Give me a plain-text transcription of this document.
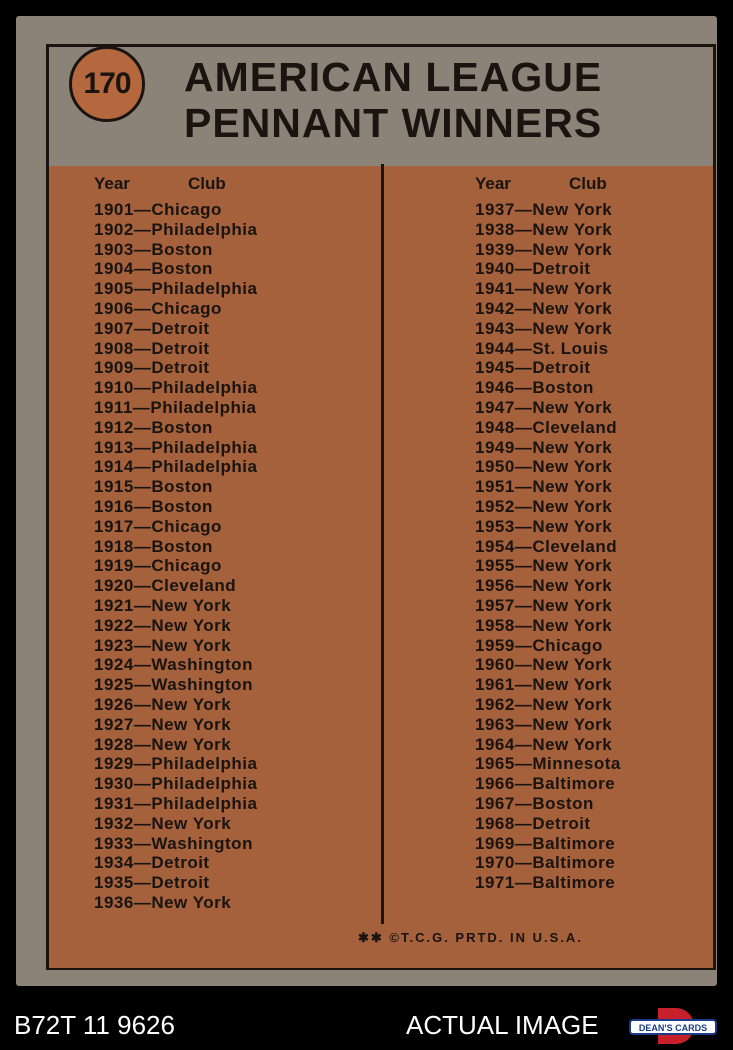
170 AMERICAN LEAGUE
PENNANT WINNERS
Year	Club
1901—Chicago
1902—Philadelphia
1903—Boston
1904—Boston
1905—Philadelphia
1906—Chicago
1907—Detroit
1908—Detroit
1909—Detroit
1910—Philadelphia
1911—Philadelphia
1912—Boston
1913—Philadelphia
1914—Philadelphia
1915—Boston
1916—Boston
1917—Chicago
1918—Boston
1919—Chicago
1920—Cleveland
1921—New York
1922—New York
1923—New York
1924—Washington
1925—Washington
1926—New York
1927—New York
1928—New York
1929—Philadelphia
1930—Philadelphia
1931—Philadelphia
1932—New York
1933—Washington
1934—Detroit
1935—Detroit
1936—New York
Year	Club
1937—New York
1938—New York
1939—New York
1940—Detroit
1941—New York
1942—New York
1943—New York
1944—St. Louis
1945—Detroit
1946—Boston
1947—New York
1948—Cleveland
1949—New York
1950—New York
1951—New York
1952—New York
1953—New York
1954—Cleveland
1955—New York
1956—New York
1957—New York
1958—New York
1959—Chicago
1960—New York
1961—New York
1962—New York
1963—New York
1964—New York
1965—Minnesota
1966—Baltimore
1967—Boston
1968—Detroit
1969—Baltimore
1970—Baltimore
1971—Baltimore
✱✱ ©T.C.G. PRTD. IN U.S.A.
B72T 11 9626	ACTUAL IMAGE	DEAN'S CARDS
